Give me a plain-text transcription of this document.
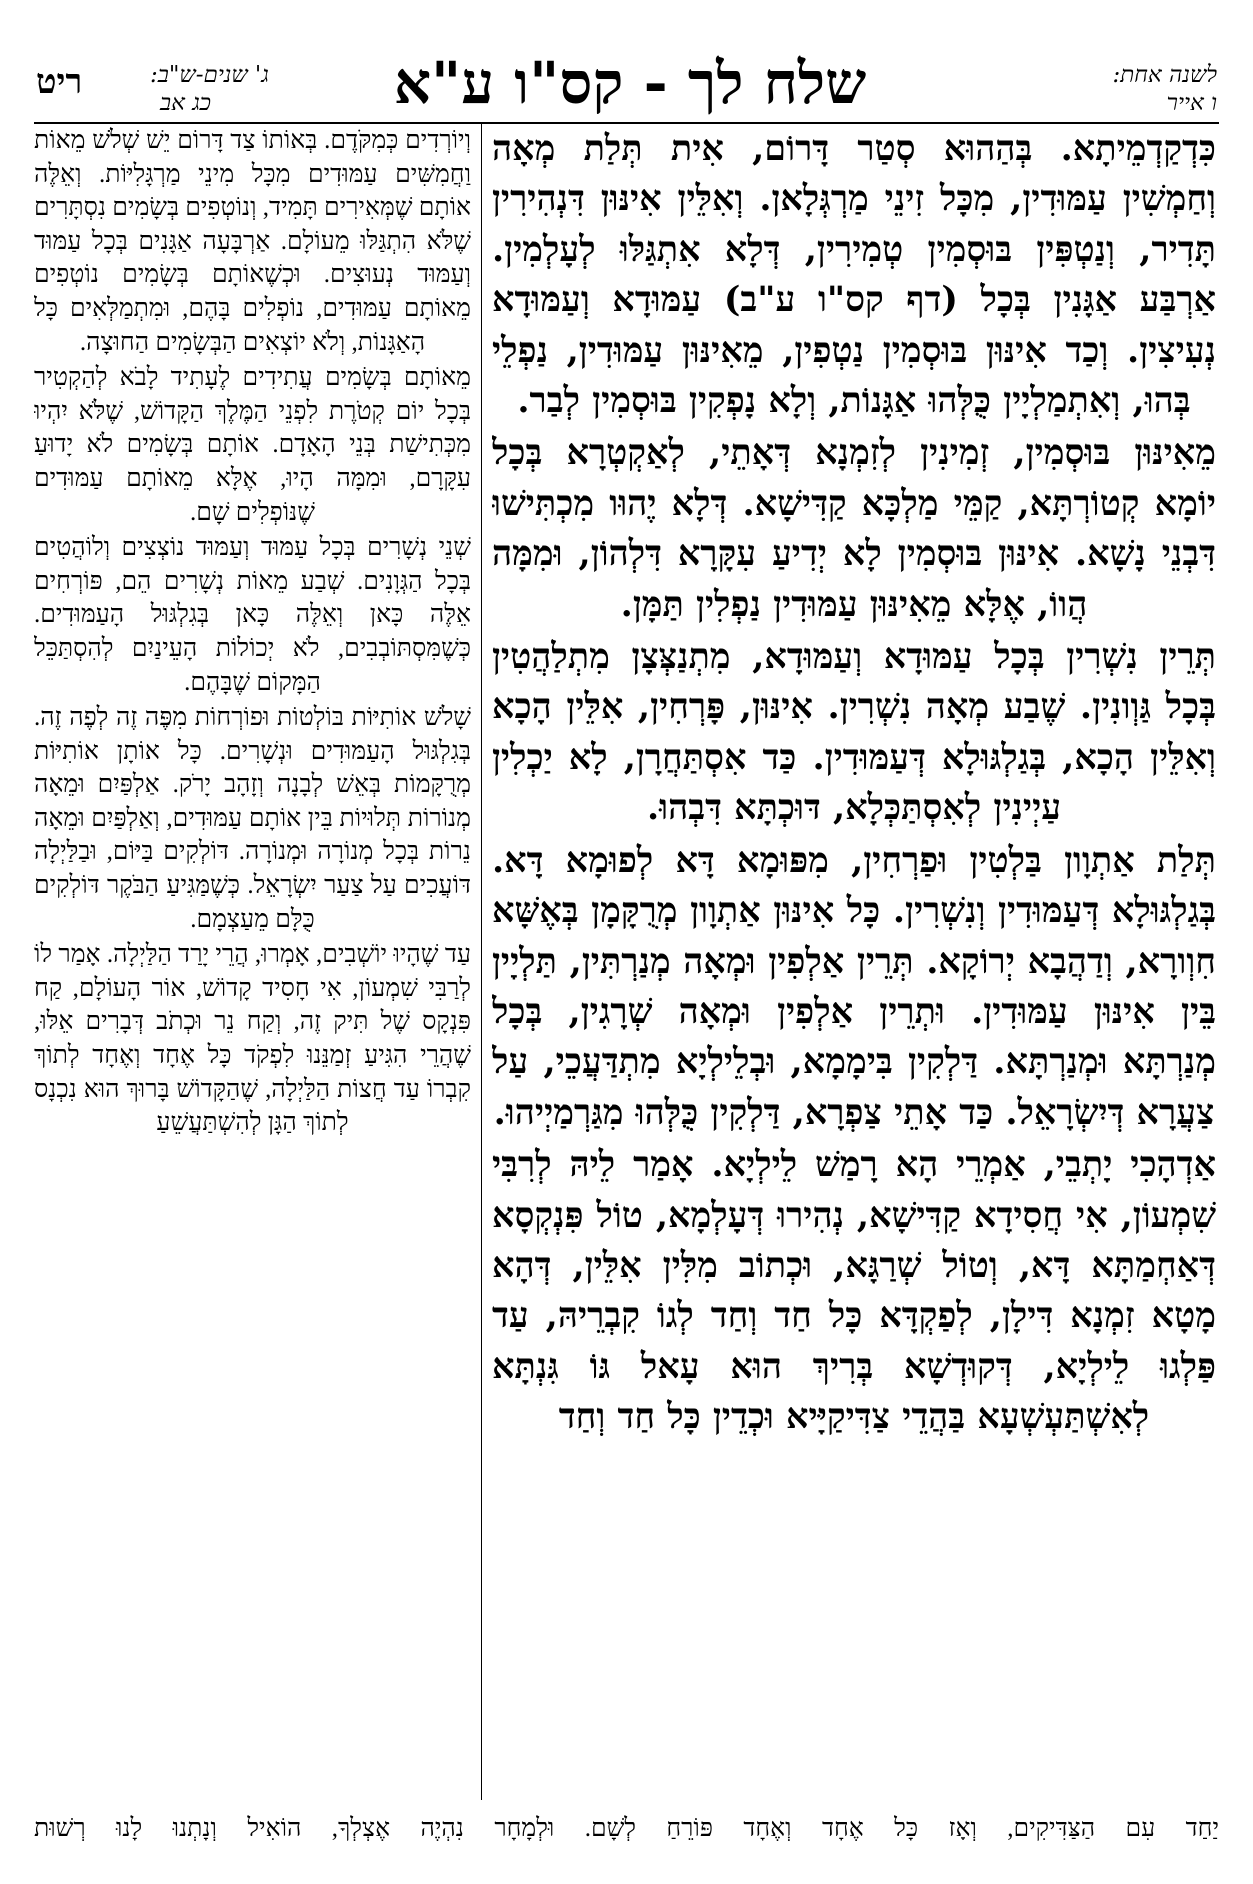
לשנה אחת:
ו אייר
שלח לך - קס"ו ע"א
ג' שנים-ש"ב:
כג אב
ריט

כִּדְקַדְמֵיתָא. בְּהַהוּא סְטַר דָּרוֹם, אִית תְּלַת מְאָה וְחַמְשִׁין עַמּוּדִין, מִכָּל זִינֵי מַרְגְּלָאן. וְאִלֵּין אִינּוּן דִּנְהִירִין תָּדִיר, וְנַטְפִּין בּוּסְמִין טְמִירִין, דְּלָא אִתְגַּלּוּ לְעָלְמִין. אַרְבַּע אַגָּנִין בְּכָל (דף קס"ו ע"ב) עַמּוּדָא וְעַמּוּדָא נְעִיצִין. וְכַד אִינּוּן בּוּסְמִין נַטְפִין, מֵאִינּוּן עַמּוּדִין, נַפְלֵי בְּהוּ, וְאִתְמַלְיָין כֻּלְּהוּ אַגָּנוֹת, וְלָא נָפְקִין בּוּסְמִין לְבַר.

מֵאִינּוּן בּוּסְמִין, זְמִינִין לְזִמְנָא דְּאָתֵי, לְאַקְטְרָא בְּכָל יוֹמָא קְטוֹרְתָּא, קַמֵּי מַלְכָּא קַדִּישָׁא. דְּלָא יֶהוּו מִכְתִּישׁוּ דִּבְנֵי נָשָׁא. אִינּוּן בּוּסְמִין לָא יְדִיעַ עִקָּרָא דִּלְהוֹן, וּמִמָּה הֲווֹ, אֶלָּא מֵאִינּוּן עַמּוּדִין נַפְלִין תַּמָּן.

תְּרֵין נִשְׁרִין בְּכָל עַמּוּדָא וְעַמּוּדָא, מִתְנַצְּצָן מִתְלַהֲטִין בְּכָל גַּוְונִין. שֶׁבַע מְאָה נִשְׁרִין. אִינּוּן, פָּרְחִין, אִלֵּין הָכָא וְאִלֵּין הָכָא, בְּגַלְגּוּלָא דְּעַמּוּדִין. כַּד אִסְתַּחֲרָן, לָא יַכְלִין עַיְינִין לְאִסְתַּכְּלָא, דּוּכְתָּא דִּבְהוּ.

תְּלַת אַתְוָון בַּלְטִין וּפַרְחִין, מִפּוּמָא דָּא לְפוּמָא דָּא. בְּגַלְגּוּלָא דְּעַמּוּדִין וְנִשְׁרִין. כָּל אִינּוּן אַתְוָון מְרֻקָּמָן בְּאֶשָּׁא חִוְורָא, וְדַהֲבָא יְרוֹקָא. תְּרֵין אַלְפִין וּמְאָה מְנַרְתִּין, תַּלְיָין בֵּין אִינּוּן עַמּוּדִין. וּתְרֵין אַלְפִין וּמְאָה שְׁרָגִין, בְּכָל מְנַרְתָּא וּמְנַרְתָּא. דַּלְקִין בִּימָמָא, וּבְלֵילְיָא מִתְדַּעֲכֵי, עַל צַעֲרָא דְּיִשְׂרָאֵל. כַּד אָתֵי צַפְרָא, דַּלְקִין כֻּלְּהוּ מִגַּרְמַיְיהוּ.

אַדְהָכִי יָתְבֵי, אַמְרֵי הָא רָמַשׁ לֵילְיָא. אָמַר לֵיהּ לְרִבִּי שִׁמְעוֹן, אִי חֲסִידָא קַדִּישָׁא, נְהִירוּ דְּעָלְמָא, טוֹל פִּנְקְסָא דְּאַחְמַתָּא דָּא, וְטוֹל שְׁרַגָּא, וּכְתוֹב מִלִּין אִלֵּין, דְּהָא מָטָא זִמְנָא דִּילָן, לְפַקְדָּא כָּל חַד וְחַד לְגוֹ קִבְרֵיהּ, עַד פַּלְגוּ לֵילְיָא, דְּקוּדְשָׁא בְּרִיךְ הוּא עָאל גּוֹ גִּנְתָּא לְאִשְׁתַּעְשְׁעָא בַּהֲדֵי צַדִּיקַיָּיא וּכְדֵין כָּל חַד וְחַד

וְיוֹרְדִים כְּמִקֹּדֶם. בְּאוֹתוֹ צַד דָּרוֹם יֵשׁ שְׁלֹשׁ מֵאוֹת וַחֲמִשִּׁים עַמּוּדִים מִכָּל מִינֵי מַרְגָּלִיּוֹת. וְאֵלֶּה אוֹתָם שֶׁמְּאִירִים תָּמִיד, וְנוֹטְפִים בְּשָׂמִים נִסְתָּרִים שֶׁלֹּא הִתְגַּלּוּ מֵעוֹלָם. אַרְבָּעָה אַגָּנִים בְּכָל עַמּוּד וְעַמּוּד נְעוּצִים. וּכְשֶׁאוֹתָם בְּשָׂמִים נוֹטְפִים מֵאוֹתָם עַמּוּדִים, נוֹפְלִים בָּהֶם, וּמִתְמַלְּאִים כָּל הָאַגָּנוֹת, וְלֹא יוֹצְאִים הַבְּשָׂמִים הַחוּצָה.

מֵאוֹתָם בְּשָׂמִים עֲתִידִים לֶעָתִיד לָבֹא לְהַקְטִיר בְּכָל יוֹם קְטֹרֶת לִפְנֵי הַמֶּלֶךְ הַקָּדוֹשׁ, שֶׁלֹּא יִהְיוּ מִכְּתִישַׁת בְּנֵי הָאָדָם. אוֹתָם בְּשָׂמִים לֹא יָדוּעַ עִקָּרָם, וּמִמָּה הָיוּ, אֶלָּא מֵאוֹתָם עַמּוּדִים שֶׁנּוֹפְלִים שָׁם.

שְׁנֵי נְשָׁרִים בְּכָל עַמּוּד וְעַמּוּד נוֹצְצִים וְלוֹהֲטִים בְּכָל הַגְּוָנִים. שְׁבַע מֵאוֹת נְשָׁרִים הֵם, פּוֹרְחִים אֵלֶּה כָּאן וְאֵלֶּה כָּאן בְּגִלְגּוּל הָעַמּוּדִים. כְּשֶׁמִּסְתּוֹבְבִים, לֹא יְכוֹלוֹת הָעֵינַיִם לְהִסְתַּכֵּל הַמָּקוֹם שֶׁבָּהֶם.

שָׁלֹשׁ אוֹתִיּוֹת בּוֹלְטוֹת וּפוֹרְחוֹת מִפֶּה זֶה לְפֶה זֶה. בְּגִלְגּוּל הָעַמּוּדִים וּנְשָׁרִים. כָּל אוֹתָן אוֹתִיּוֹת מְרֻקָּמוֹת בְּאֵשׁ לְבָנָה וְזָהָב יָרֹק. אַלְפַּיִם וּמֵאָה מְנוֹרוֹת תְּלוּיוֹת בֵּין אוֹתָם עַמּוּדִים, וְאַלְפַּיִם וּמֵאָה נֵרוֹת בְּכָל מְנוֹרָה וּמְנוֹרָה. דּוֹלְקִים בַּיּוֹם, וּבַלַּיְלָה דּוֹעֲכִים עַל צַעַר יִשְׂרָאֵל. כְּשֶׁמַּגִּיעַ הַבֹּקֶר דּוֹלְקִים כֻּלָּם מֵעַצְמָם.

עַד שֶׁהָיוּ יוֹשְׁבִים, אָמְרוּ, הֲרֵי יָרַד הַלַּיְלָה. אָמַר לוֹ לְרַבִּי שִׁמְעוֹן, אִי חָסִיד קָדוֹשׁ, אוֹר הָעוֹלָם, קַח פִּנְקָס שֶׁל תִּיק זֶה, וְקַח נֵר וּכְתֹב דְּבָרִים אֵלּוּ, שֶׁהֲרֵי הִגִּיעַ זְמַנֵּנוּ לִפְקֹד כָּל אֶחָד וְאֶחָד לְתוֹךְ קִבְרוֹ עַד חֲצוֹת הַלַּיְלָה, שֶׁהַקָּדוֹשׁ בָּרוּךְ הוּא נִכְנָס לְתוֹךְ הַגָּן לְהִשְׁתַּעֲשֵׁעַ

יַחַד עִם הַצַּדִּיקִים, וְאָז כָּל אֶחָד וְאֶחָד פּוֹרֵחַ לְשָׁם. וּלְמָחָר נִהְיֶה אֶצְלְךָ, הוֹאִיל וְנָתְנוּ לָנוּ רְשׁוּת
